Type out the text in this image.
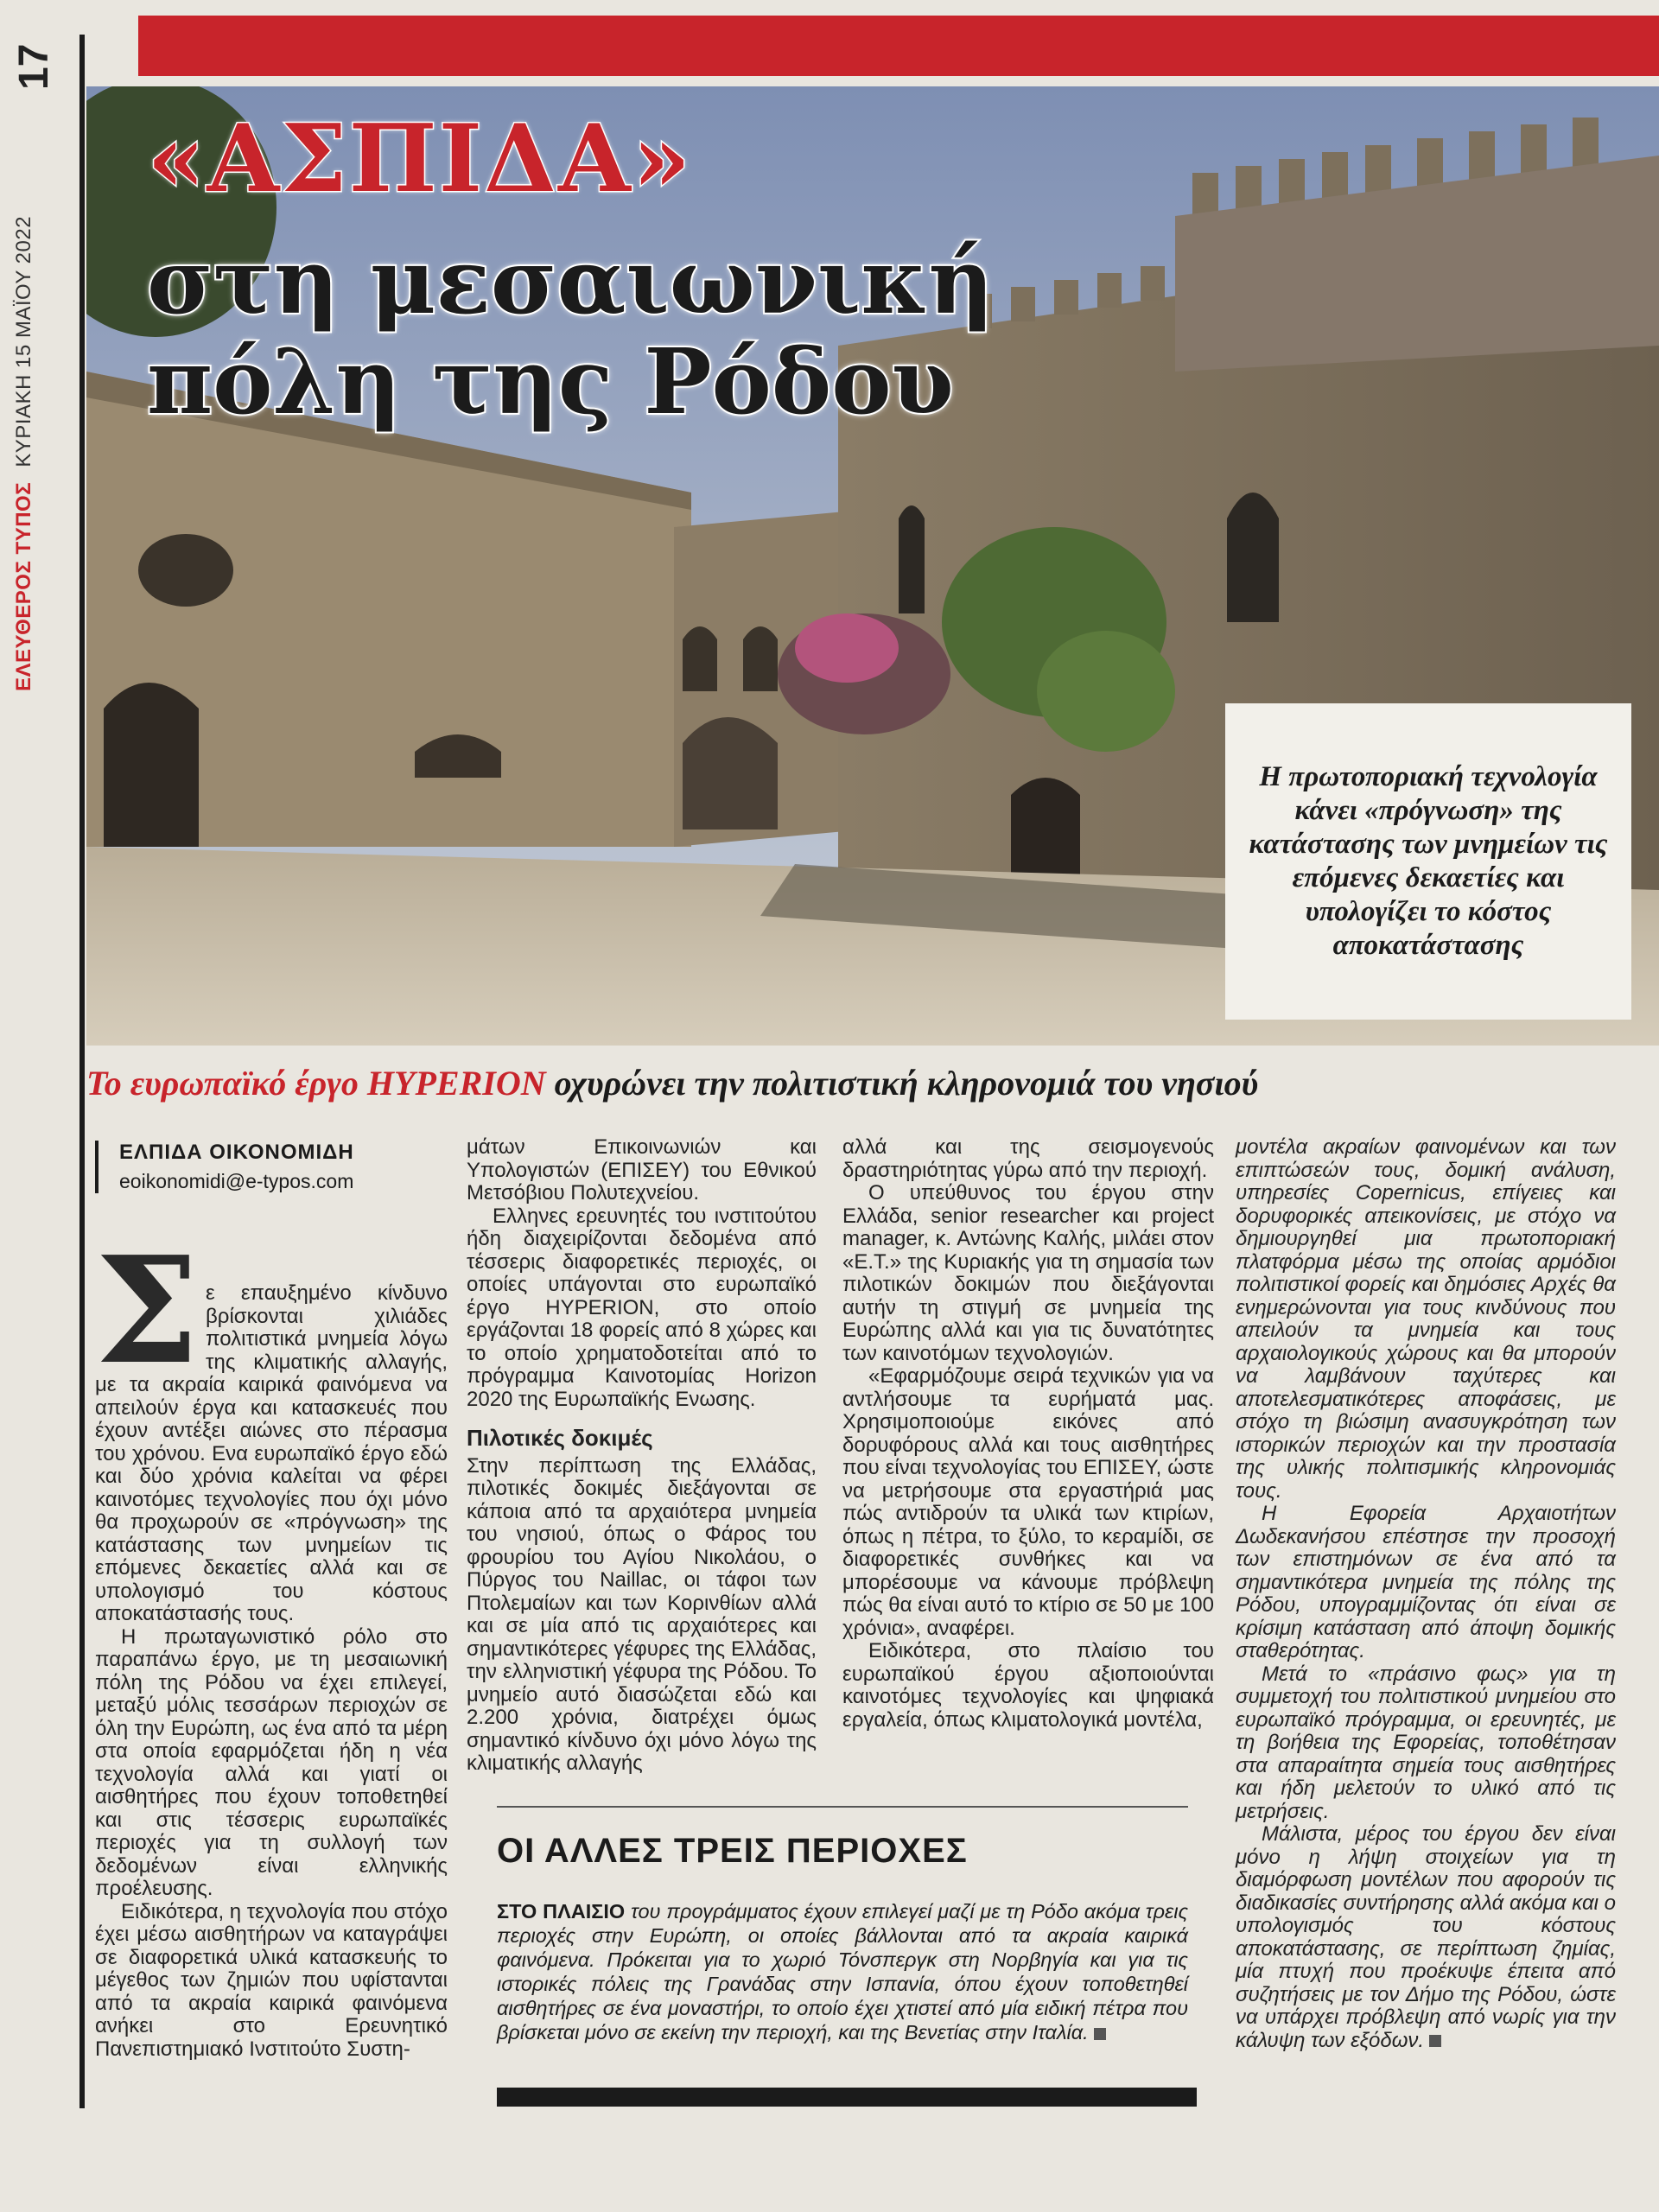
17
ΕΛΕΥΘΕΡΟΣ ΤΥΠΟΣ ΚΥΡΙΑΚΗ 15 ΜΑΪΟΥ 2022
«ΑΣΠΙΔΑ»
στη μεσαιωνική
πόλη της Ρόδου
Η πρωτοποριακή τεχνολογία κάνει «πρόγνωση» της κατάστασης των μνημείων τις επόμενες δεκαετίες και υπολογίζει το κόστος αποκατάστασης
Το ευρωπαϊκό έργο HYPERION οχυρώνει την πολιτιστική κληρονομιά του νησιού
ΕΛΠΙΔΑ ΟΙΚΟΝΟΜΙΔΗ
eoikonomidi@e-typos.com
Σ ε επαυξημένο κίνδυνο βρίσκονται χιλιάδες πολιτιστικά μνημεία λόγω της κλιματικής αλλαγής, με τα ακραία καιρικά φαινόμενα να απειλούν έργα και κατασκευές που έχουν αντέξει αιώνες στο πέρασμα του χρόνου. Ενα ευρωπαϊκό έργο εδώ και δύο χρόνια καλείται να φέρει καινοτόμες τεχνολογίες που όχι μόνο θα προχωρούν σε «πρόγνωση» της κατάστασης των μνημείων τις επόμενες δεκαετίες αλλά και σε υπολογισμό του κόστους αποκατάστασής τους.

Η πρωταγωνιστικό ρόλο στο παραπάνω έργο, με τη μεσαιωνική πόλη της Ρόδου να έχει επιλεγεί, μεταξύ μόλις τεσσάρων περιοχών σε όλη την Ευρώπη, ως ένα από τα μέρη στα οποία εφαρμόζεται ήδη η νέα τεχνολογία αλλά και γιατί οι αισθητήρες που έχουν τοποθετηθεί και στις τέσσερις ευρωπαϊκές περιοχές για τη συλλογή των δεδομένων είναι ελληνικής προέλευσης.

Ειδικότερα, η τεχνολογία που στόχο έχει μέσω αισθητήρων να καταγράψει σε διαφορετικά υλικά κατασκευής το μέγεθος των ζημιών που υφίστανται από τα ακραία καιρικά φαινόμενα ανήκει στο Ερευνητικό Πανεπιστημιακό Ινστιτούτο Συστη-

μάτων Επικοινωνιών και Υπολογιστών (ΕΠΙΣΕΥ) του Εθνικού Μετσόβιου Πολυτεχνείου.

Ελληνες ερευνητές του ινστιτούτου ήδη διαχειρίζονται δεδομένα από τέσσερις διαφορετικές περιοχές, οι οποίες υπάγονται στο ευρωπαϊκό έργο HYPERION, στο οποίο εργάζονται 18 φορείς από 8 χώρες και το οποίο χρηματοδοτείται από το πρόγραμμα Καινοτομίας Horizon 2020 της Ευρωπαϊκής Ενωσης.

Πιλοτικές δοκιμές

Στην περίπτωση της Ελλάδας, πιλοτικές δοκιμές διεξάγονται σε κάποια από τα αρχαιότερα μνημεία του νησιού, όπως ο Φάρος του φρουρίου του Αγίου Νικολάου, ο Πύργος του Naillac, οι τάφοι των Πτολεμαίων και των Κορινθίων αλλά και σε μία από τις αρχαιότερες και σημαντικότερες γέφυρες της Ελλάδας, την ελληνιστική γέφυρα της Ρόδου. Το μνημείο αυτό διασώζεται εδώ και 2.200 χρόνια, διατρέχει όμως σημαντικό κίνδυνο όχι μόνο λόγω της κλιματικής αλλαγής

αλλά και της σεισμογενούς δραστηριότητας γύρω από την περιοχή.

Ο υπεύθυνος του έργου στην Ελλάδα, senior researcher και project manager, κ. Αντώνης Καλής, μιλάει στον «Ε.Τ.» της Κυριακής για τη σημασία των πιλοτικών δοκιμών που διεξάγονται αυτήν τη στιγμή σε μνημεία της Ευρώπης αλλά και για τις δυνατότητες των καινοτόμων τεχνολογιών.

«Εφαρμόζουμε σειρά τεχνικών για να αντλήσουμε τα ευρήματά μας. Χρησιμοποιούμε εικόνες από δορυφόρους αλλά και τους αισθητήρες που είναι τεχνολογίας του ΕΠΙΣΕΥ, ώστε να μετρήσουμε στα εργαστήριά μας πώς αντιδρούν τα υλικά των κτιρίων, όπως η πέτρα, το ξύλο, το κεραμίδι, σε διαφορετικές συνθήκες και να μπορέσουμε να κάνουμε πρόβλεψη πώς θα είναι αυτό το κτίριο σε 50 με 100 χρόνια», αναφέρει.

Ειδικότερα, στο πλαίσιο του ευρωπαϊκού έργου αξιοποιούνται καινοτόμες τεχνολογίες και ψηφιακά εργαλεία, όπως κλιματολογικά μοντέλα,

μοντέλα ακραίων φαινομένων και των επιπτώσεών τους, δομική ανάλυση, υπηρεσίες Copernicus, επίγειες και δορυφορικές απεικονίσεις, με στόχο να δημιουργηθεί μια πρωτοποριακή πλατφόρμα μέσω της οποίας αρμόδιοι πολιτιστικοί φορείς και δημόσιες Αρχές θα ενημερώνονται για τους κινδύνους που απειλούν τα μνημεία και τους αρχαιολογικούς χώρους και θα μπορούν να λαμβάνουν ταχύτερες και αποτελεσματικότερες αποφάσεις, με στόχο τη βιώσιμη ανασυγκρότηση των ιστορικών περιοχών και την προστασία της υλικής πολιτισμικής κληρονομιάς τους.

Η Εφορεία Αρχαιοτήτων Δωδεκανήσου επέστησε την προσοχή των επιστημόνων σε ένα από τα σημαντικότερα μνημεία της πόλης της Ρόδου, υπογραμμίζοντας ότι είναι σε κρίσιμη κατάσταση από άποψη δομικής σταθερότητας.

Μετά το «πράσινο φως» για τη συμμετοχή του πολιτιστικού μνημείου στο ευρωπαϊκό πρόγραμμα, οι ερευνητές, με τη βοήθεια της Εφορείας, τοποθέτησαν στα απαραίτητα σημεία τους αισθητήρες και ήδη μελετούν το υλικό από τις μετρήσεις.

Μάλιστα, μέρος του έργου δεν είναι μόνο η λήψη στοιχείων για τη διαμόρφωση μοντέλων που αφορούν τις διαδικασίες συντήρησης αλλά ακόμα και ο υπολογισμός του κόστους αποκατάστασης, σε περίπτωση ζημίας, μία πτυχή που προέκυψε έπειτα από συζητήσεις με τον Δήμο της Ρόδου, ώστε να υπάρχει πρόβλεψη από νωρίς για την κάλυψη των εξόδων.

ΟΙ ΑΛΛΕΣ ΤΡΕΙΣ ΠΕΡΙΟΧΕΣ
ΣΤΟ ΠΛΑΙΣΙΟ του προγράμματος έχουν επιλεγεί μαζί με τη Ρόδο ακόμα τρεις περιοχές στην Ευρώπη, οι οποίες βάλλονται από τα ακραία καιρικά φαινόμενα. Πρόκειται για το χωριό Τόνσπεργκ στη Νορβηγία και για τις ιστορικές πόλεις της Γρανάδας στην Ισπανία, όπου έχουν τοποθετηθεί αισθητήρες σε ένα μοναστήρι, το οποίο έχει χτιστεί από μία ειδική πέτρα που βρίσκεται μόνο σε εκείνη την περιοχή, και της Βενετίας στην Ιταλία.
